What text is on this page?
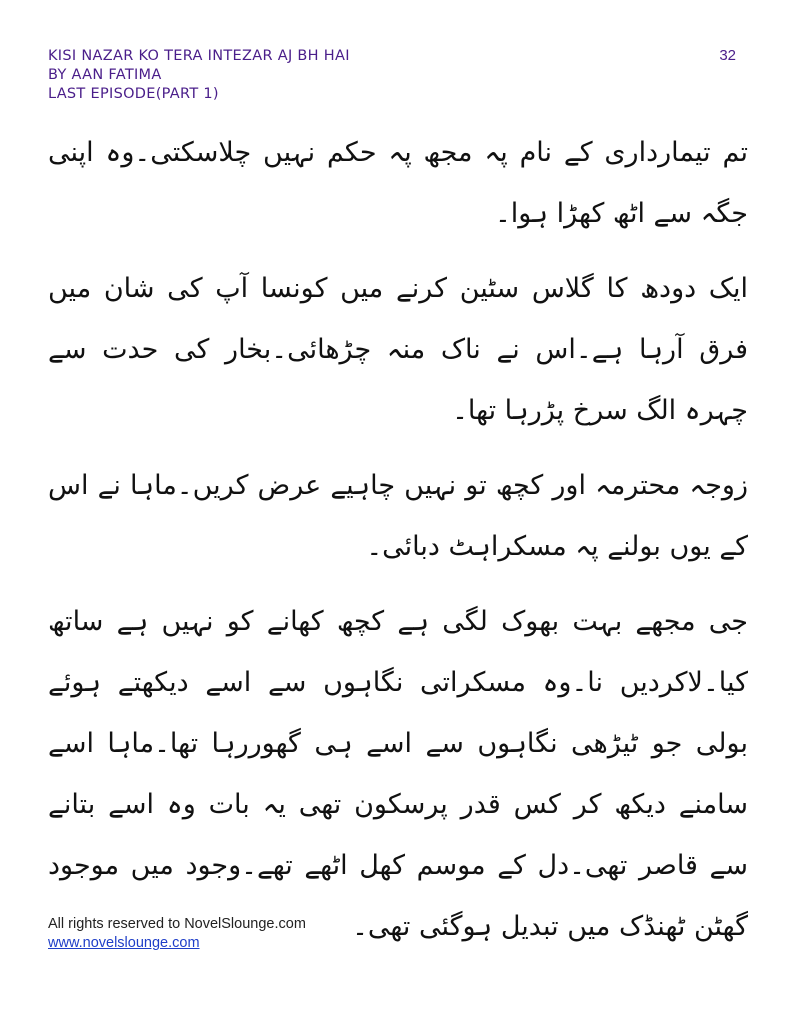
KISI NAZAR KO TERA INTEZAR AJ BH HAI
BY AAN FATIMA
LAST EPISODE(PART 1)
32

تم تیمارداری کے نام پہ مجھ پہ حکم نہیں چلاسکتی۔وہ اپنی جگہ سے اٹھ کھڑا ہوا۔

ایک دودھ کا گلاس سٹین کرنے میں کونسا آپ کی شان میں فرق آرہا ہے۔اس نے ناک منہ چڑھائی۔بخار کی حدت سے چہرہ الگ سرخ پڑرہا تھا۔

زوجہ محترمہ اور کچھ تو نہیں چاہیے عرض کریں۔ماہا نے اس کے یوں بولنے پہ مسکراہٹ دبائی۔

جی مجھے بہت بھوک لگی ہے کچھ کھانے کو نہیں ہے ساتھ کیا۔لاکردیں نا۔وہ مسکراتی نگاہوں سے اسے دیکھتے ہوئے بولی جو ٹیڑھی نگاہوں سے اسے ہی گھوررہا تھا۔ماہا اسے سامنے دیکھ کر کس قدر پرسکون تھی یہ بات وہ اسے بتانے سے قاصر تھی۔دل کے موسم کھل اٹھے تھے۔وجود میں موجود گھٹن ٹھنڈک میں تبدیل ہوگئی تھی۔

All rights reserved to NovelSlounge.com
www.novelslounge.com
